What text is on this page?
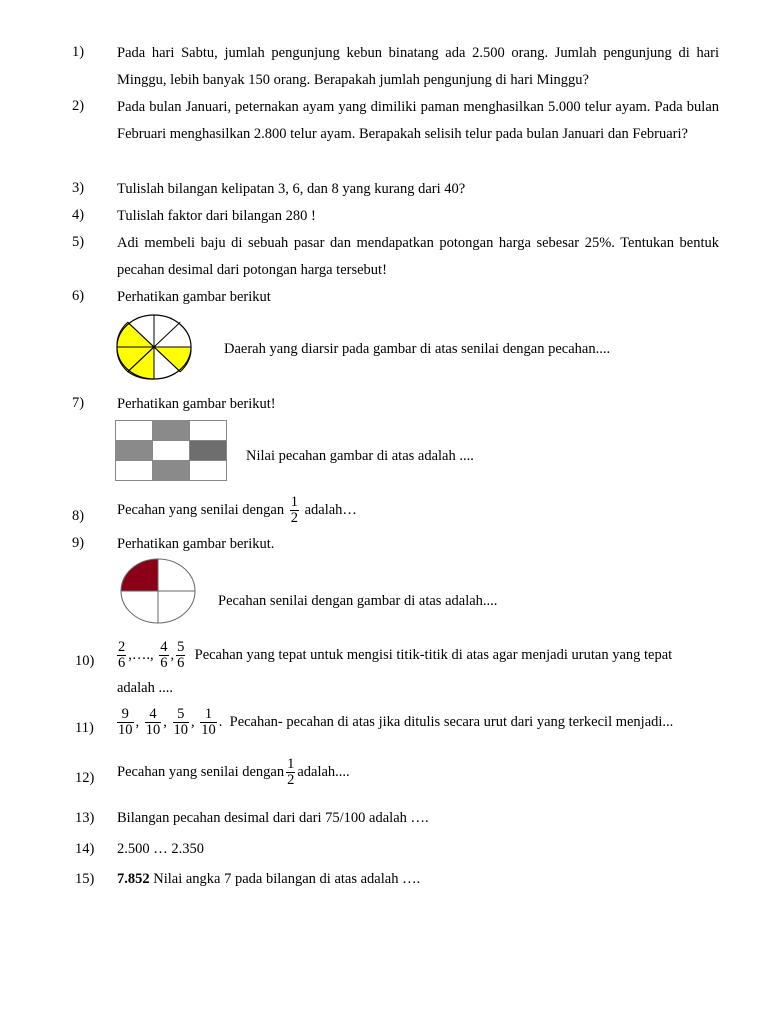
1)	Pada hari Sabtu, jumlah pengunjung kebun binatang ada 2.500 orang. Jumlah pengunjung di hari Minggu, lebih banyak 150 orang. Berapakah jumlah pengunjung di hari Minggu?
2)	Pada bulan Januari, peternakan ayam yang dimiliki paman menghasilkan 5.000 telur ayam. Pada bulan Februari menghasilkan 2.800 telur ayam. Berapakah selisih telur pada bulan Januari dan Februari?
3)	Tulislah bilangan kelipatan 3, 6, dan 8 yang kurang dari 40?
4)	Tulislah faktor dari bilangan 280 !
5)	Adi membeli baju di sebuah pasar dan mendapatkan potongan harga sebesar 25%. Tentukan bentuk pecahan desimal dari potongan harga tersebut!
6)	Perhatikan gambar berikut
Daerah yang diarsir pada gambar di atas senilai dengan pecahan....
7)	Perhatikan gambar berikut!
Nilai pecahan gambar di atas adalah ....
8)	Pecahan yang senilai dengan $\frac{1}{2}$ adalah…
9)	Perhatikan gambar berikut.
Pecahan senilai dengan gambar di atas adalah....
10)	$\frac{2}{6}$ ,…., $\frac{4}{6}$ , $\frac{5}{6}$ Pecahan yang tepat untuk mengisi titik-titik di atas agar menjadi urutan yang tepat
adalah ....
11)	$\frac{9}{10}$ , $\frac{4}{10}$ , $\frac{5}{10}$ , $\frac{1}{10}$ . Pecahan- pecahan di atas jika ditulis secara urut dari yang terkecil menjadi...
12)	Pecahan yang senilai dengan $\frac{1}{2}$ adalah....
13)	Bilangan pecahan desimal dari dari 75/100 adalah ….
14)	2.500 … 2.350
15)	7.852 Nilai angka 7 pada bilangan di atas adalah ….
